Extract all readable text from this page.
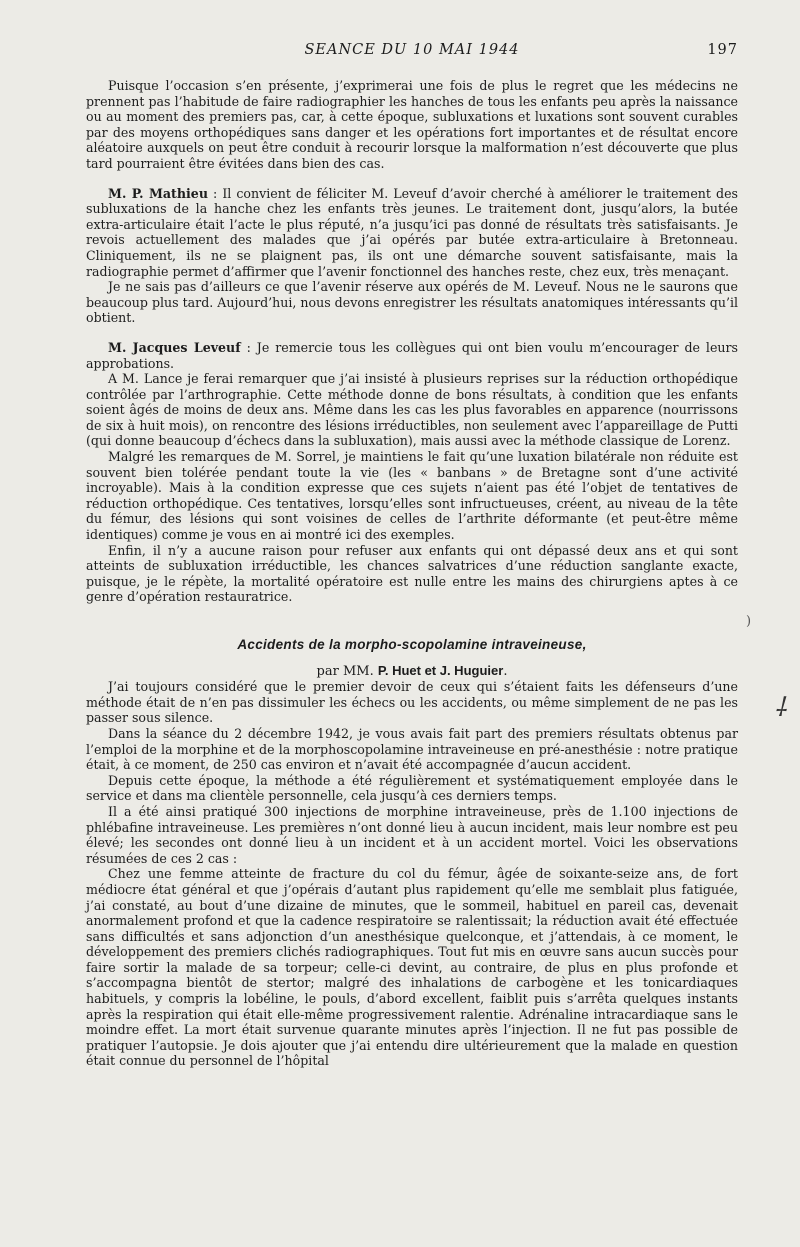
SEANCE DU 10 MAI 1944	197

Puisque l’occasion s’en présente, j’exprimerai une fois de plus le regret que les médecins ne prennent pas l’habitude de faire radiographier les hanches de tous les enfants peu après la naissance ou au moment des premiers pas, car, à cette époque, subluxations et luxations sont souvent curables par des moyens orthopédiques sans danger et les opérations fort importantes et de résultat encore aléatoire auxquels on peut être conduit à recourir lorsque la malformation n’est découverte que plus tard pourraient être évitées dans bien des cas.

M. P. Mathieu : Il convient de féliciter M. Leveuf d’avoir cherché à améliorer le traitement des subluxations de la hanche chez les enfants très jeunes. Le traitement dont, jusqu’alors, la butée extra-articulaire était l’acte le plus réputé, n’a jusqu’ici pas donné de résultats très satisfaisants. Je revois actuellement des malades que j’ai opérés par butée extra-articulaire à Bretonneau. Cliniquement, ils ne se plaignent pas, ils ont une démarche souvent satisfaisante, mais la radiographie permet d’affirmer que l’avenir fonctionnel des hanches reste, chez eux, très menaçant.

Je ne sais pas d’ailleurs ce que l’avenir réserve aux opérés de M. Leveuf. Nous ne le saurons que beaucoup plus tard. Aujourd’hui, nous devons enregistrer les résultats anatomiques intéressants qu’il obtient.

M. Jacques Leveuf : Je remercie tous les collègues qui ont bien voulu m’encourager de leurs approbations.

A M. Lance je ferai remarquer que j’ai insisté à plusieurs reprises sur la réduction orthopédique contrôlée par l’arthrographie. Cette méthode donne de bons résultats, à condition que les enfants soient âgés de moins de deux ans. Même dans les cas les plus favorables en apparence (nourrissons de six à huit mois), on rencontre des lésions irréductibles, non seulement avec l’appareillage de Putti (qui donne beaucoup d’échecs dans la subluxation), mais aussi avec la méthode classique de Lorenz.

Malgré les remarques de M. Sorrel, je maintiens le fait qu’une luxation bilatérale non réduite est souvent bien tolérée pendant toute la vie (les « banbans » de Bretagne sont d’une activité incroyable). Mais à la condition expresse que ces sujets n’aient pas été l’objet de tentatives de réduction orthopédique. Ces tentatives, lorsqu’elles sont infructueuses, créent, au niveau de la tête du fémur, des lésions qui sont voisines de celles de l’arthrite déformante (et peut-être même identiques) comme je vous en ai montré ici des exemples.

Enfin, il n’y a aucune raison pour refuser aux enfants qui ont dépassé deux ans et qui sont atteints de subluxation irréductible, les chances salvatrices d’une réduction sanglante exacte, puisque, je le répète, la mortalité opératoire est nulle entre les mains des chirurgiens aptes à ce genre d’opération restauratrice.

Accidents de la morpho-scopolamine intraveineuse,
par MM. P. Huet et J. Huguier.

J’ai toujours considéré que le premier devoir de ceux qui s’étaient faits les défenseurs d’une méthode était de n’en pas dissimuler les échecs ou les accidents, ou même simplement de ne pas les passer sous silence.

Dans la séance du 2 décembre 1942, je vous avais fait part des premiers résultats obtenus par l’emploi de la morphine et de la morphoscopolamine intraveineuse en pré-anesthésie : notre pratique était, à ce moment, de 250 cas environ et n’avait été accompagnée d’aucun accident.

Depuis cette époque, la méthode a été régulièrement et systématiquement employée dans le service et dans ma clientèle personnelle, cela jusqu’à ces derniers temps.

Il a été ainsi pratiqué 300 injections de morphine intraveineuse, près de 1.100 injections de phlébafine intraveineuse. Les premières n’ont donné lieu à aucun incident, mais leur nombre est peu élevé; les secondes ont donné lieu à un incident et à un accident mortel. Voici les observations résumées de ces 2 cas :

Chez une femme atteinte de fracture du col du fémur, âgée de soixante-seize ans, de fort médiocre état général et que j’opérais d’autant plus rapidement qu’elle me semblait plus fatiguée, j’ai constaté, au bout d’une dizaine de minutes, que le sommeil, habituel en pareil cas, devenait anormalement profond et que la cadence respiratoire se ralentissait; la réduction avait été effectuée sans difficultés et sans adjonction d’un anesthésique quelconque, et j’attendais, à ce moment, le développement des premiers clichés radiographiques. Tout fut mis en œuvre sans aucun succès pour faire sortir la malade de sa torpeur; celle-ci devint, au contraire, de plus en plus profonde et s’accompagna bientôt de stertor; malgré des inhalations de carbogène et les tonicardiaques habituels, y compris la lobéline, le pouls, d’abord excellent, faiblit puis s’arrêta quelques instants après la respiration qui était elle-même progressivement ralentie. Adrénaline intracardiaque sans le moindre effet. La mort était survenue quarante minutes après l’injection. Il ne fut pas possible de pratiquer l’autopsie. Je dois ajouter que j’ai entendu dire ultérieurement que la malade en question était connue du personnel de l’hôpital

)
⸸
